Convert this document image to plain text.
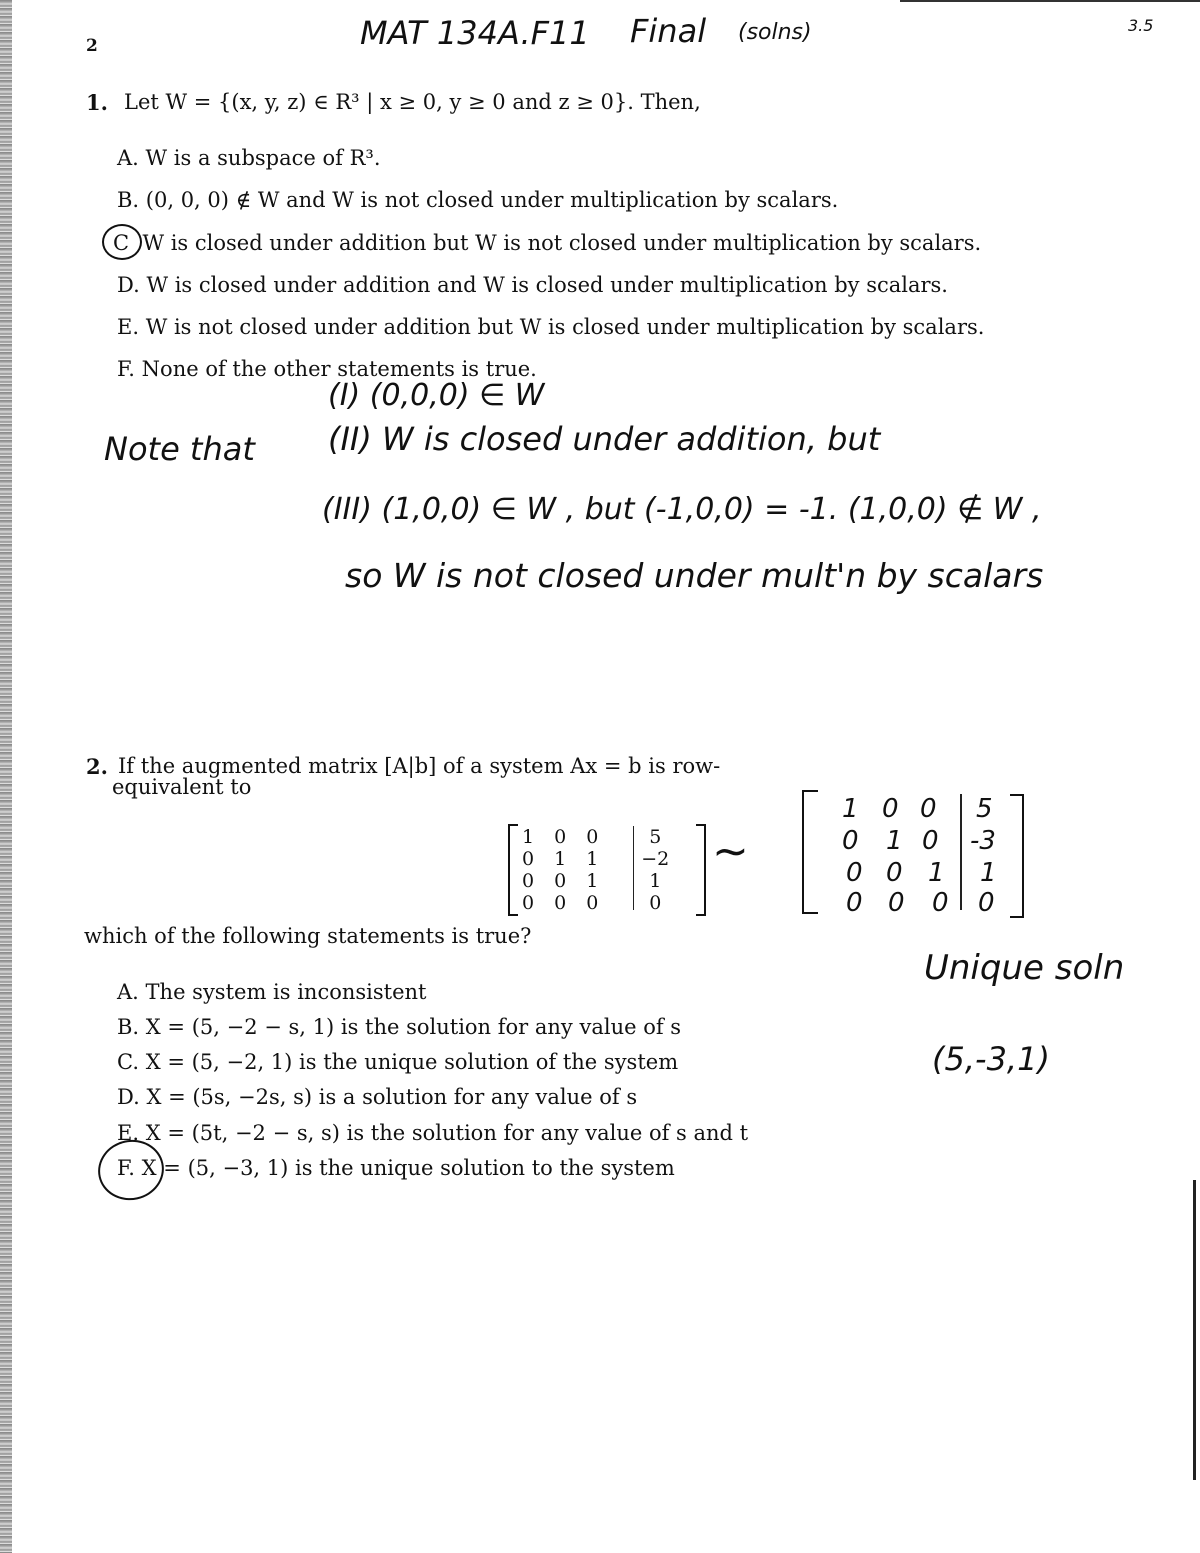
2	MAT 134A.F11 Final (solns)	3.5
1. Let W = {(x, y, z) ∈ R³ | x ≥ 0, y ≥ 0 and z ≥ 0}. Then,
A. W is a subspace of R³.
B. (0, 0, 0) ∉ W and W is not closed under multiplication by scalars.
C W is closed under addition but W is not closed under multiplication by scalars.
D. W is closed under addition and W is closed under multiplication by scalars.
E. W is not closed under addition but W is closed under multiplication by scalars.
F. None of the other statements is true.
(I) (0,0,0) ∈ W
Note that (II) W is closed under addition, but
(III) (1,0,0) ∈ W , but (-1,0,0) = -1. (1,0,0) ∉ W ,
so W is not closed under mult'n by scalars
2. If the augmented matrix [A|b] of a system Ax = b is row-
equivalent to
1	0	0	5
0	1	1	−2
0	0	1	1
0	0	0	0
∼
1 0 0 5
0 1 0 -3
0 0 1 1
0 0 0 0
which of the following statements is true?
Unique soln
(5,-3,1)
A. The system is inconsistent
B. X = (5, −2 − s, 1) is the solution for any value of s
C. X = (5, −2, 1) is the unique solution of the system
D. X = (5s, −2s, s) is a solution for any value of s
E. X = (5t, −2 − s, s) is the solution for any value of s and t
F. X = (5, −3, 1) is the unique solution to the system
